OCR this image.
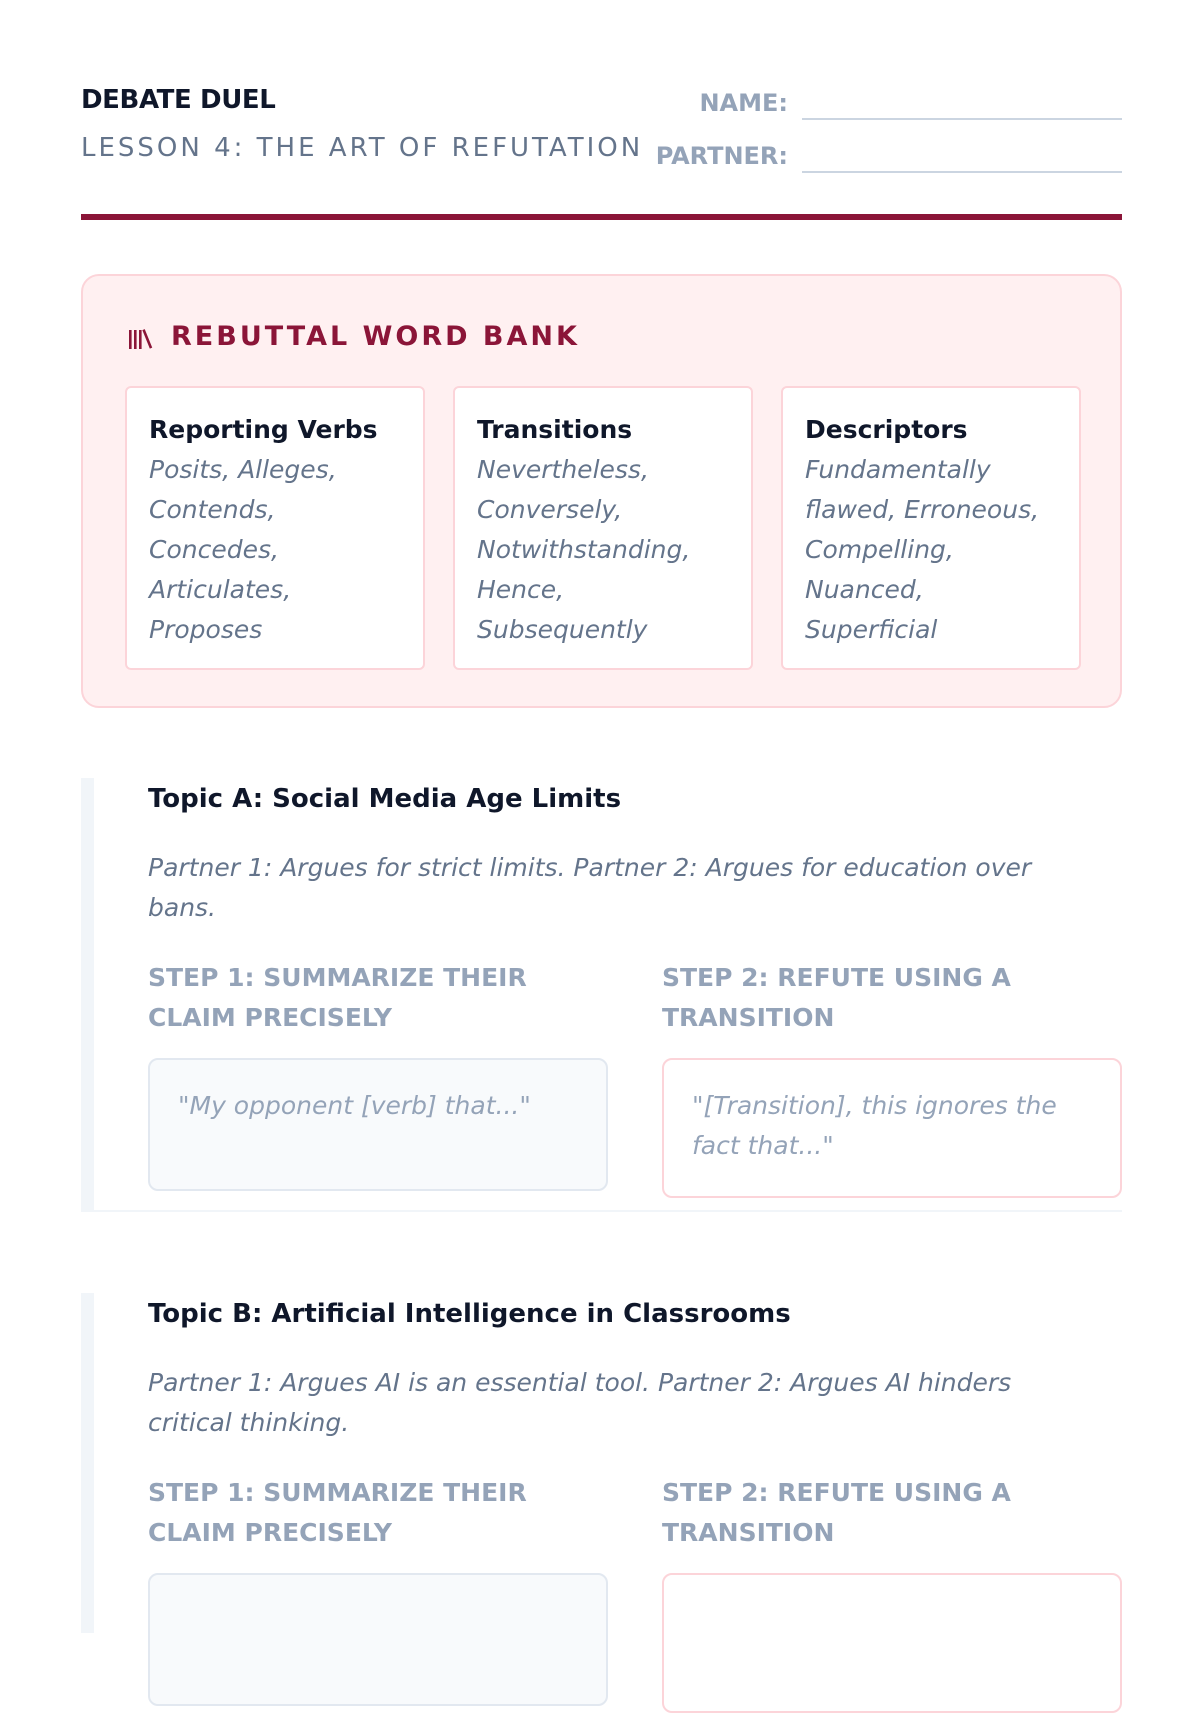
DEBATE DUEL
LESSON 4: THE ART OF REFUTATION
NAME:
PARTNER:
REBUTTAL WORD BANK
Reporting Verbs
Posits, Alleges, Contends, Concedes, Articulates, Proposes
Transitions
Nevertheless, Conversely, Notwithstanding, Hence, Subsequently
Descriptors
Fundamentally flawed, Erroneous, Compelling, Nuanced, Superficial
Topic A: Social Media Age Limits
Partner 1: Argues for strict limits. Partner 2: Argues for education over bans.
STEP 1: SUMMARIZE THEIR CLAIM PRECISELY
"My opponent [verb] that..."
STEP 2: REFUTE USING A TRANSITION
"[Transition], this ignores the fact that..."
Topic B: Artificial Intelligence in Classrooms
Partner 1: Argues AI is an essential tool. Partner 2: Argues AI hinders critical thinking.
STEP 1: SUMMARIZE THEIR CLAIM PRECISELY
STEP 2: REFUTE USING A TRANSITION
